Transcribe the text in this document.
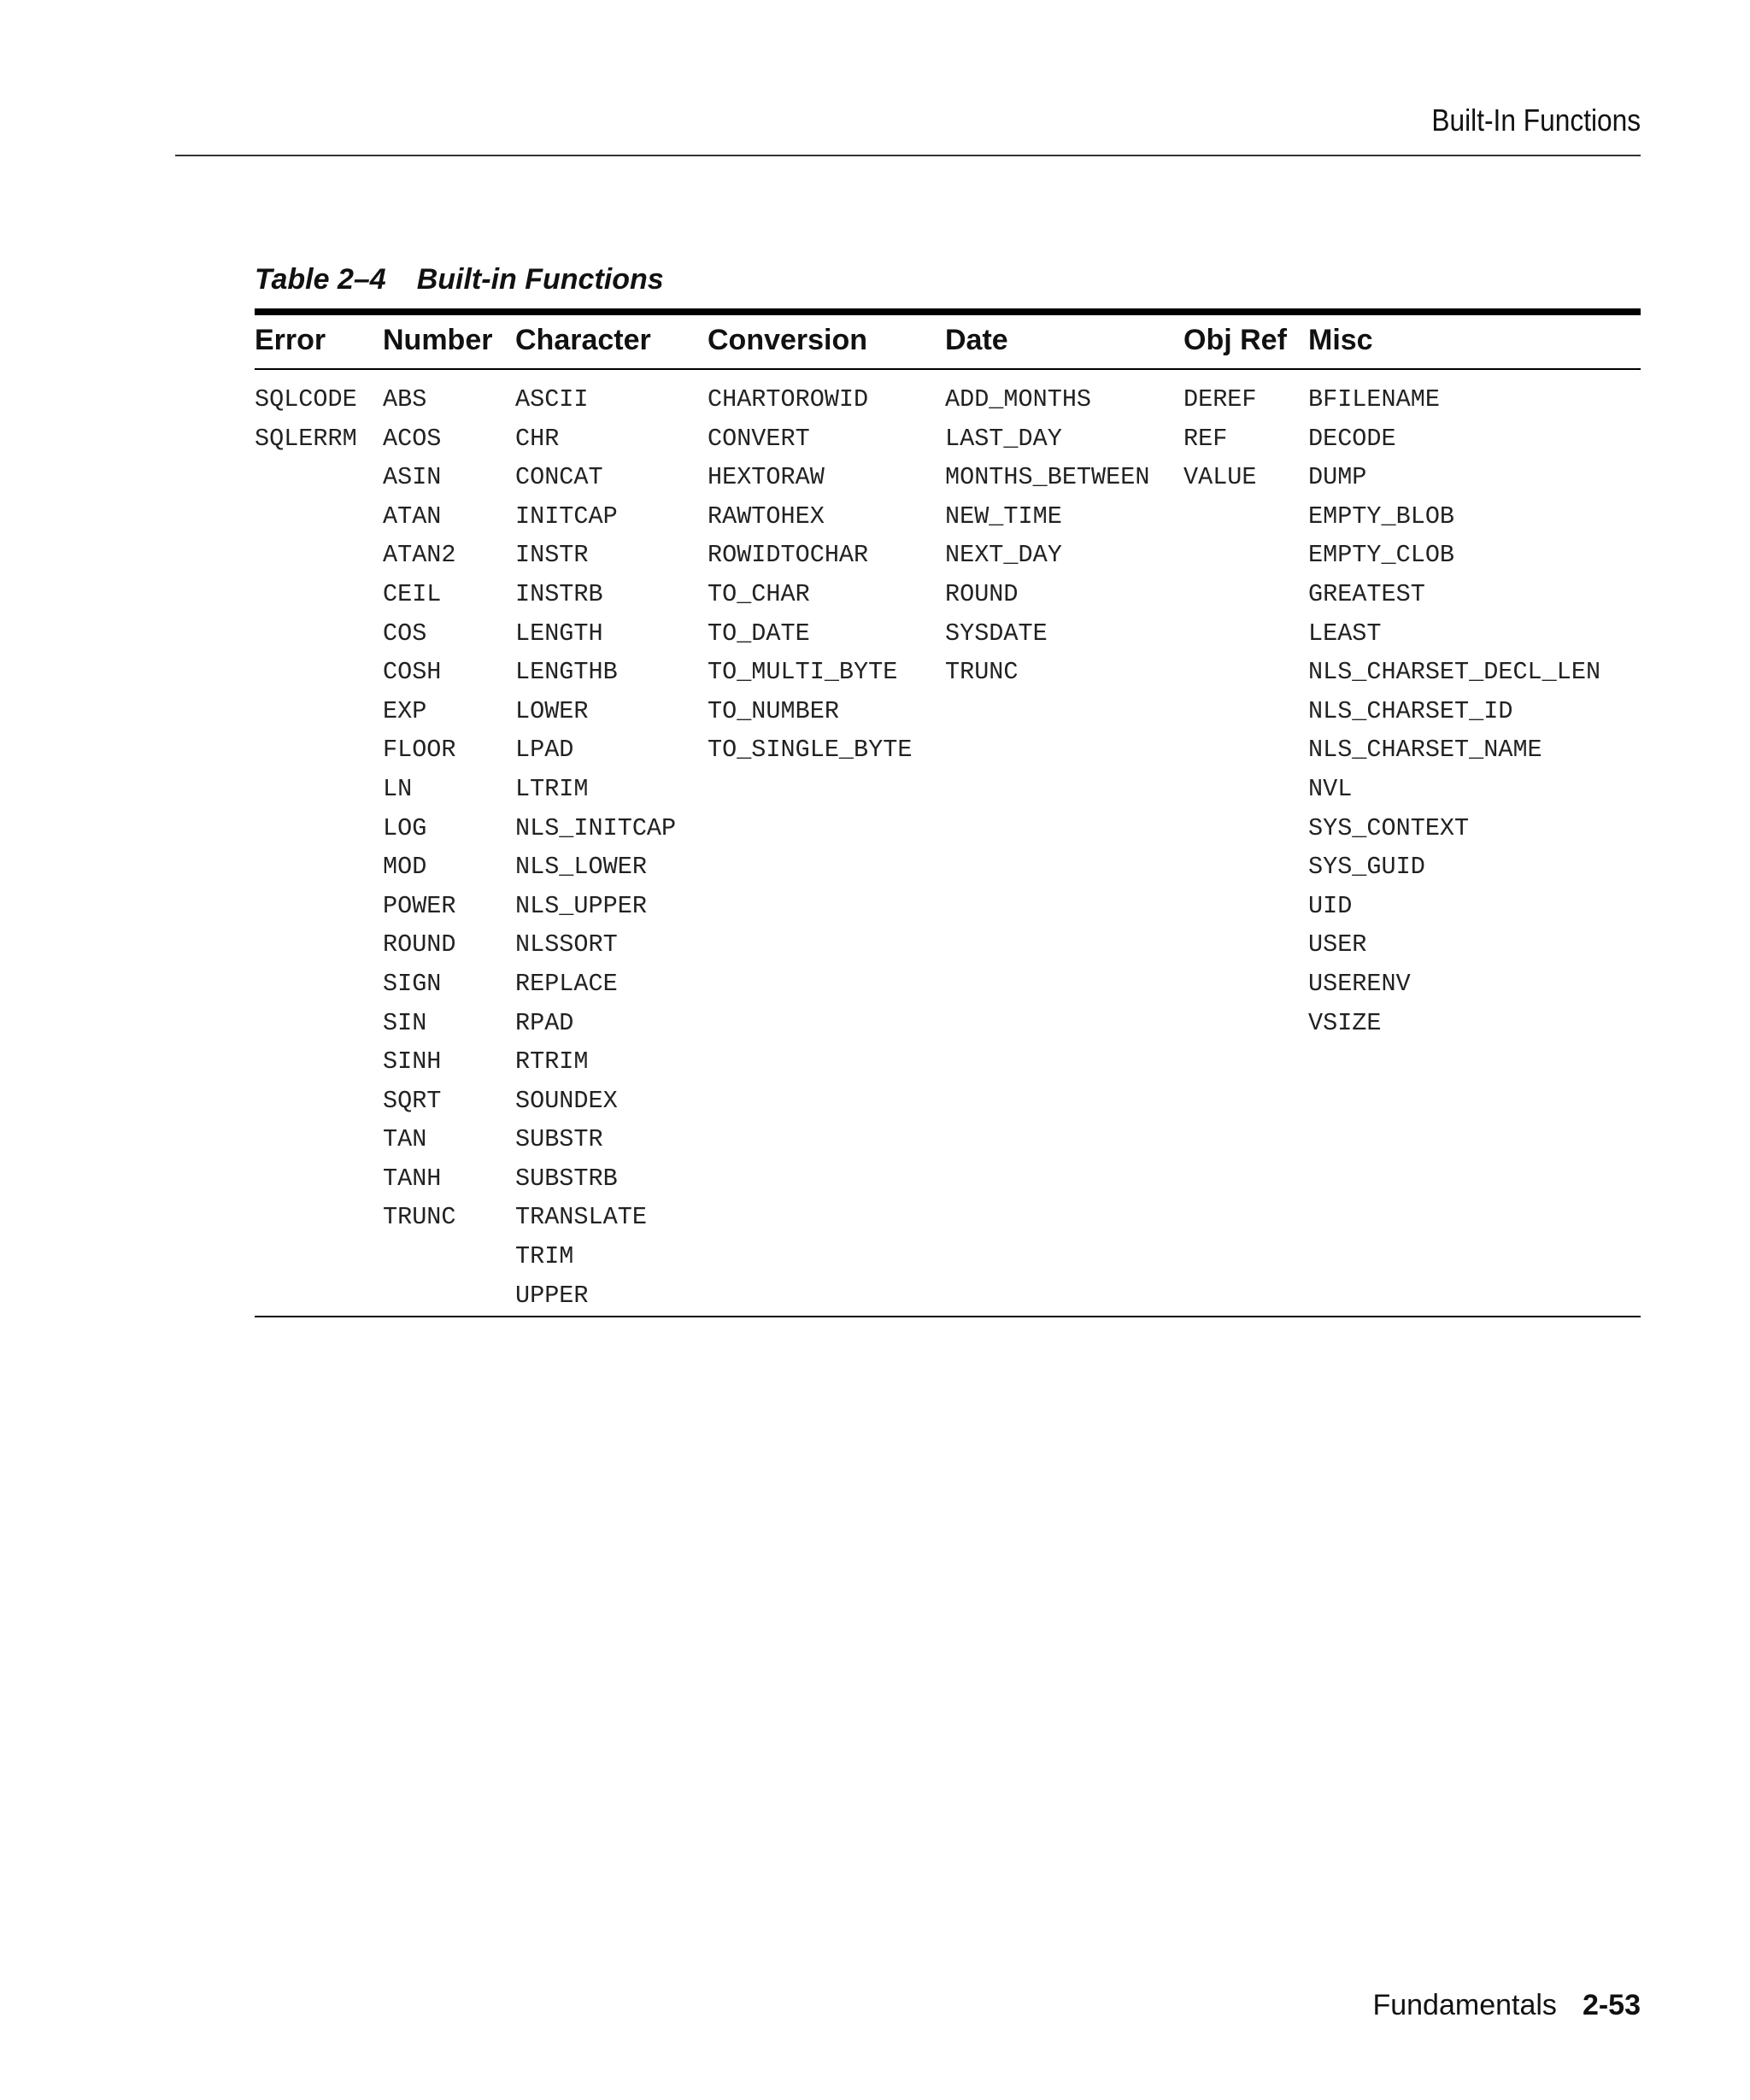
Built-In Functions
Table 2–4 Built-in Functions
Error Number Character Conversion	Date	Obj Ref Misc
SQLCODE
SQLERRM
ABS
ACOS
ASIN
ATAN
ATAN2
CEIL
COS
COSH
EXP
FLOOR
LN
LOG
MOD
POWER
ROUND
SIGN
SIN
SINH
SQRT
TAN
TANH
TRUNC
ASCII
CHR
CONCAT
INITCAP
INSTR
INSTRB
LENGTH
LENGTHB
LOWER
LPAD
LTRIM
NLS_INITCAP
NLS_LOWER
NLS_UPPER
NLSSORT
REPLACE
RPAD
RTRIM
SOUNDEX
SUBSTR
SUBSTRB
TRANSLATE
TRIM
UPPER
CHARTOROWID
CONVERT
HEXTORAW
RAWTOHEX
ROWIDTOCHAR
TO_CHAR
TO_DATE
TO_MULTI_BYTE
TO_NUMBER
TO_SINGLE_BYTE
ADD_MONTHS
LAST_DAY
MONTHS_BETWEEN
NEW_TIME
NEXT_DAY
ROUND
SYSDATE
TRUNC
DEREF
REF
VALUE
BFILENAME
DECODE
DUMP
EMPTY_BLOB
EMPTY_CLOB
GREATEST
LEAST
NLS_CHARSET_DECL_LEN
NLS_CHARSET_ID
NLS_CHARSET_NAME
NVL
SYS_CONTEXT
SYS_GUID
UID
USER
USERENV
VSIZE
Fundamentals 2-53
